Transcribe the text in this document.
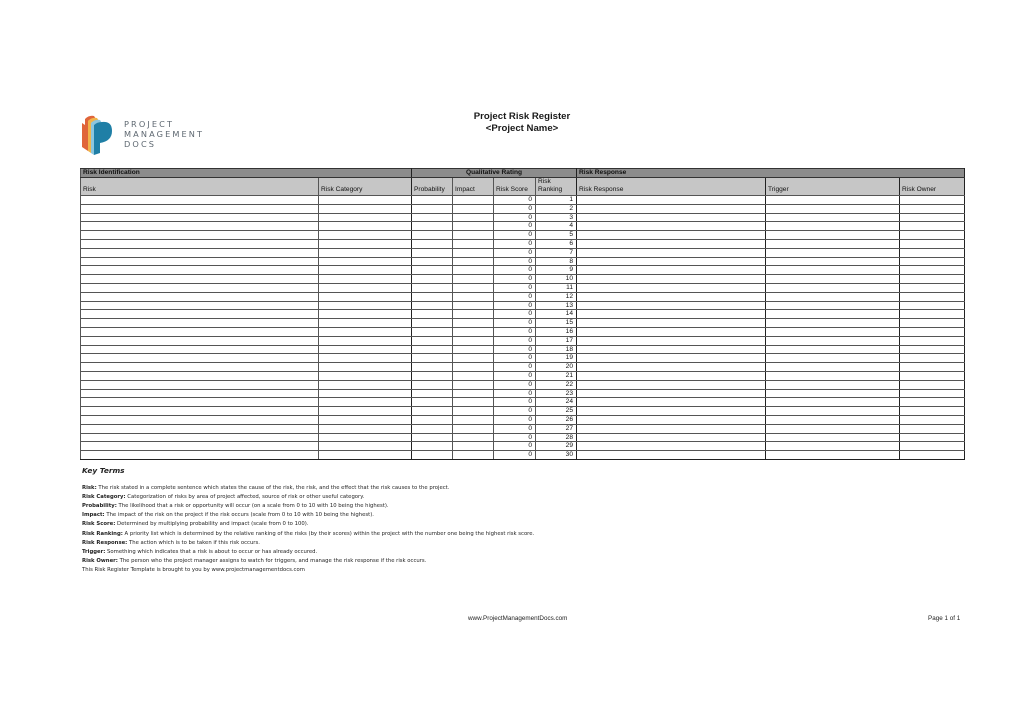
PROJECT
MANAGEMENT
DOCS
Project Risk Register
<Project Name>
Risk Identification		Qualitative Rating				Risk Response		
Risk	Risk Category	Probability	Impact	Risk Score	Risk Ranking	Risk Response	Trigger	Risk Owner
				0	1			
				0	2			
				0	3			
				0	4			
				0	5			
				0	6			
				0	7			
				0	8			
				0	9			
				0	10			
				0	11			
				0	12			
				0	13			
				0	14			
				0	15			
				0	16			
				0	17			
				0	18			
				0	19			
				0	20			
				0	21			
				0	22			
				0	23			
				0	24			
				0	25			
				0	26			
				0	27			
				0	28			
				0	29			
				0	30			
Key Terms
Risk: The risk stated in a complete sentence which states the cause of the risk, the risk, and the effect that the risk causes to the project.
Risk Category: Categorization of risks by area of project affected, source of risk or other useful category.
Probability: The likelihood that a risk or opportunity will occur (on a scale from 0 to 10 with 10 being the highest).
Impact: The impact of the risk on the project if the risk occurs (scale from 0 to 10 with 10 being the highest).
Risk Score: Determined by multiplying probability and impact (scale from 0 to 100).
Risk Ranking: A priority list which is determined by the relative ranking of the risks (by their scores) within the project with the number one being the highest risk score.
Risk Response: The action which is to be taken if this risk occurs.
Trigger: Something which indicates that a risk is about to occur or has already occured.
Risk Owner: The person who the project manager assigns to watch for triggers, and manage the risk response if the risk occurs.
This Risk Register Template is brought to you by www.projectmanagementdocs.com
www.ProjectManagementDocs.com	Page 1 of 1
